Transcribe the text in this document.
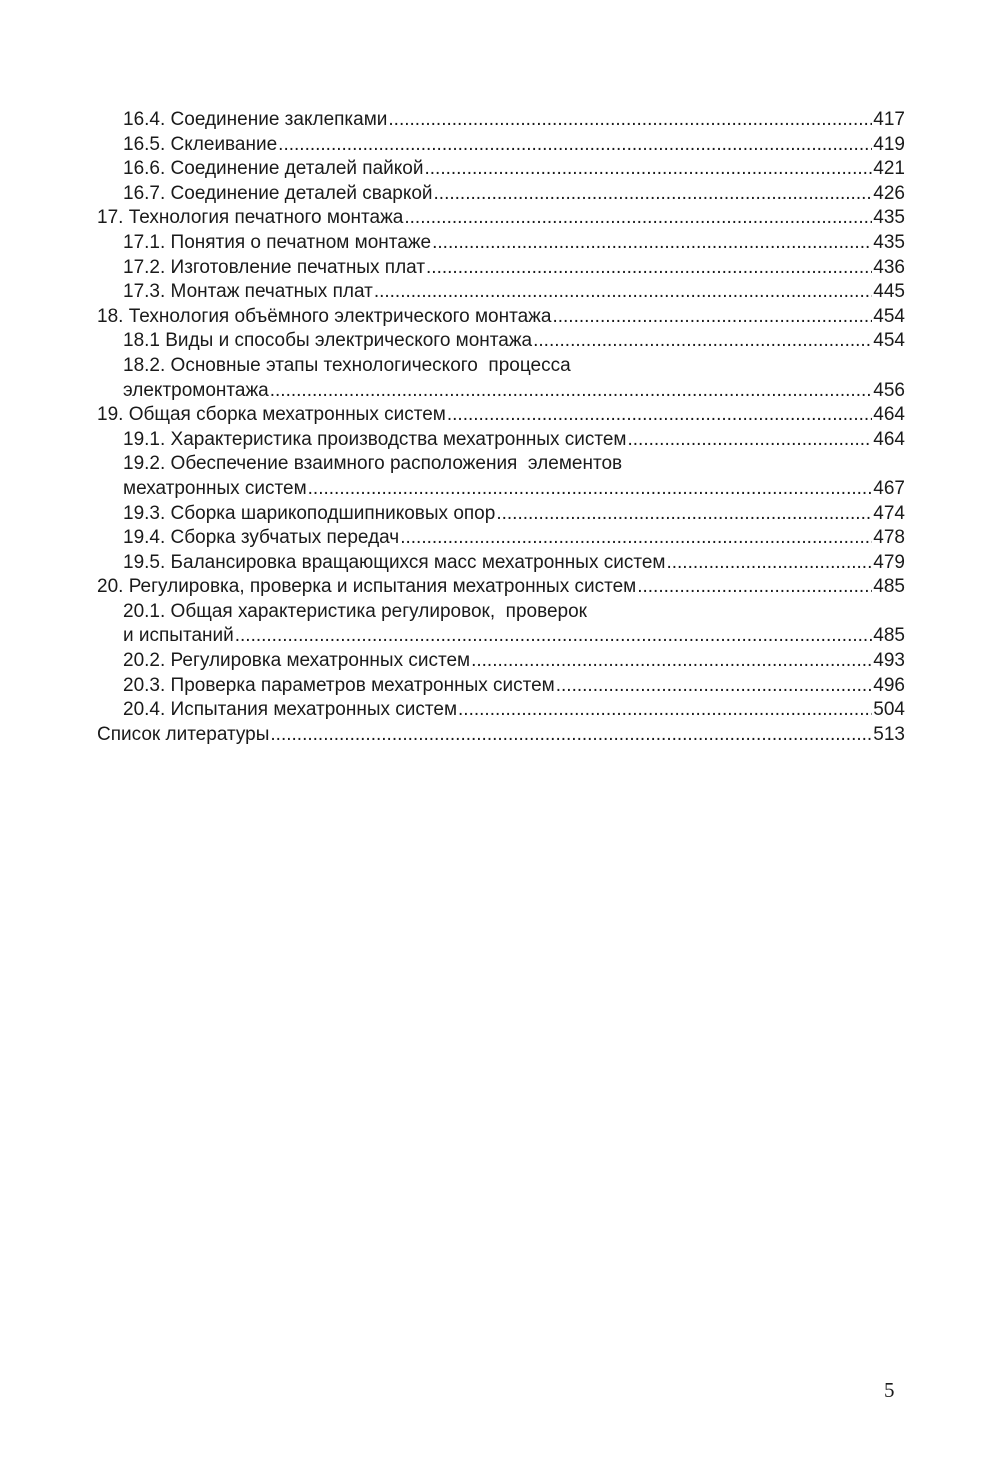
16.4. Соединение заклепками .....	417
16.5. Склеивание .....	419
16.6. Соединение деталей пайкой .....	421
16.7. Соединение деталей сваркой .....	426
17. Технология печатного монтажа .....	435
17.1. Понятия о печатном монтаже .....	435
17.2. Изготовление печатных плат .....	436
17.3. Монтаж печатных плат .....	445
18. Технология объёмного электрического монтажа .....	454
18.1 Виды и способы электрического монтажа .....	454
18.2. Основные этапы технологического  процесса
электромонтажа .....	456
19. Общая сборка мехатронных систем .....	464
19.1. Характеристика производства мехатронных систем .....	464
19.2. Обеспечение взаимного расположения  элементов
мехатронных систем .....	467
19.3. Сборка шарикоподшипниковых опор .....	474
19.4. Сборка зубчатых передач .....	478
19.5. Балансировка вращающихся масс мехатронных систем .....	479
20. Регулировка, проверка и испытания мехатронных систем .....	485
20.1. Общая характеристика регулировок,  проверок
и испытаний .....	485
20.2. Регулировка мехатронных систем .....	493
20.3. Проверка параметров мехатронных систем .....	496
20.4. Испытания мехатронных систем .....	504
Список литературы .....	513
5
